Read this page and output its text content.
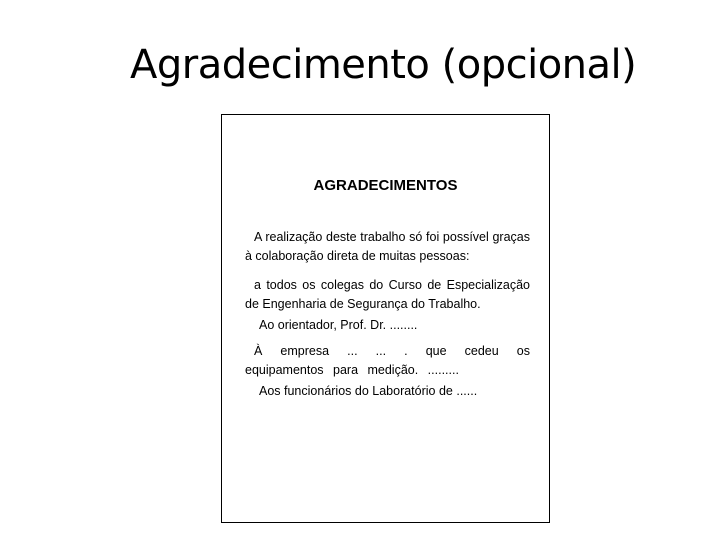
Agradecimento (opcional)
AGRADECIMENTOS
A realização deste trabalho só foi possível graças à colaboração direta de muitas pessoas:
a todos os colegas do Curso de Especialização de Engenharia de Segurança do Trabalho.
Ao orientador, Prof. Dr. ........
À empresa ... ... . que cedeu os equipamentos para medição. .........
Aos funcionários do Laboratório de ......
